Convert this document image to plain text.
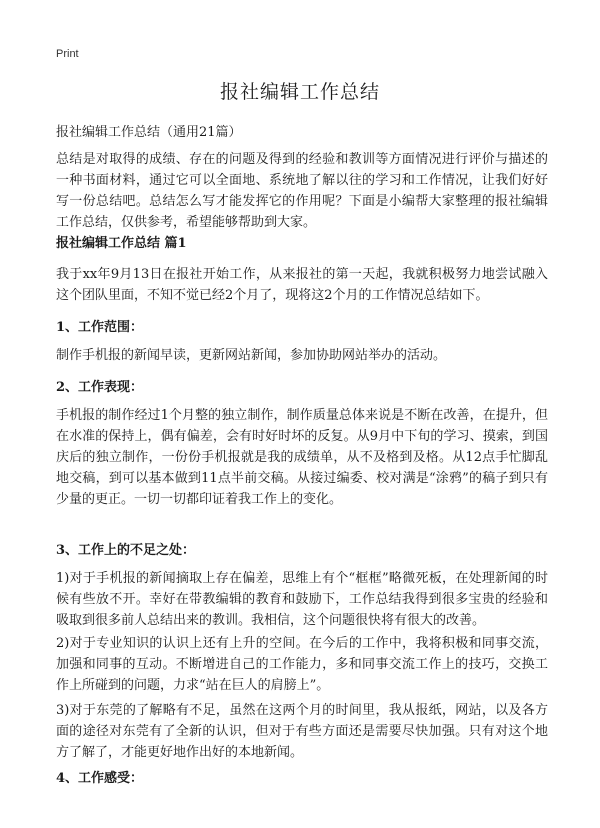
Print
报社编辑工作总结
报社编辑工作总结（通用21篇）
总结是对取得的成绩、存在的问题及得到的经验和教训等方面情况进行评价与描述的一种书面材料，通过它可以全面地、系统地了解以往的学习和工作情况，让我们好好写一份总结吧。总结怎么写才能发挥它的作用呢？下面是小编帮大家整理的报社编辑工作总结，仅供参考，希望能够帮助到大家。
报社编辑工作总结 篇1
我于xx年9月13日在报社开始工作，从来报社的第一天起，我就积极努力地尝试融入这个团队里面，不知不觉已经2个月了，现将这2个月的工作情况总结如下。
1、工作范围：
制作手机报的新闻早读，更新网站新闻，参加协助网站举办的活动。
2、工作表现：
手机报的制作经过1个月整的独立制作，制作质量总体来说是不断在改善，在提升，但在水准的保持上，偶有偏差，会有时好时坏的反复。从9月中下旬的学习、摸索，到国庆后的独立制作，一份份手机报就是我的成绩单，从不及格到及格。从12点手忙脚乱地交稿，到可以基本做到11点半前交稿。从接过编委、校对满是“涂鸦”的稿子到只有少量的更正。一切一切都印证着我工作上的变化。
3、工作上的不足之处：
1)对于手机报的新闻摘取上存在偏差，思维上有个“框框”略微死板，在处理新闻的时候有些放不开。幸好在带教编辑的教育和鼓励下，工作总结我得到很多宝贵的经验和吸取到很多前人总结出来的教训。我相信，这个问题很快将有很大的改善。
2)对于专业知识的认识上还有上升的空间。在今后的工作中，我将积极和同事交流，加强和同事的互动。不断增进自己的工作能力，多和同事交流工作上的技巧，交换工作上所碰到的问题，力求“站在巨人的肩膀上”。
3)对于东莞的了解略有不足，虽然在这两个月的时间里，我从报纸，网站，以及各方面的途径对东莞有了全新的认识，但对于有些方面还是需要尽快加强。只有对这个地方了解了，才能更好地作出好的本地新闻。
4、工作感受：
